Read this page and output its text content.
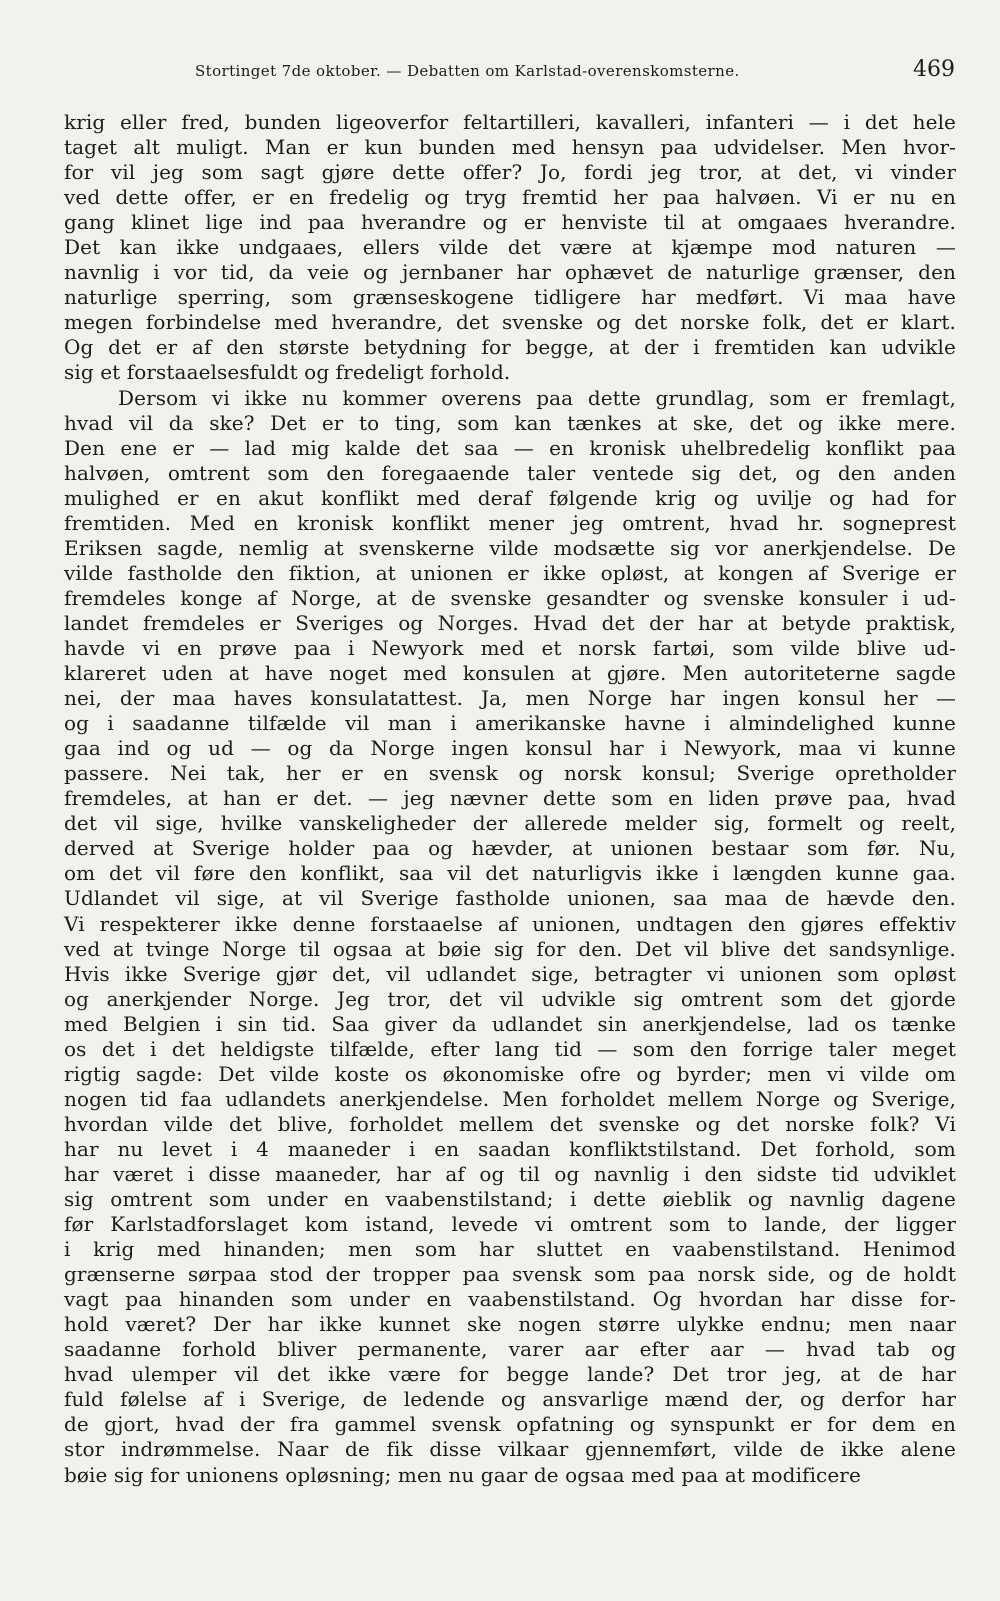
Stortinget 7de oktober. — Debatten om Karlstad-overenskomsterne.	469
krig eller fred, bunden ligeoverfor feltartilleri, kavalleri, infanteri — i det hele
taget alt muligt. Man er kun bunden med hensyn paa udvidelser. Men hvor-
for vil jeg som sagt gjøre dette offer? Jo, fordi jeg tror, at det, vi vinder
ved dette offer, er en fredelig og tryg fremtid her paa halvøen. Vi er nu en
gang klinet lige ind paa hverandre og er henviste til at omgaaes hverandre.
Det kan ikke undgaaes, ellers vilde det være at kjæmpe mod naturen —
navnlig i vor tid, da veie og jernbaner har ophævet de naturlige grænser, den
naturlige sperring, som grænseskogene tidligere har medført. Vi maa have
megen forbindelse med hverandre, det svenske og det norske folk, det er klart.
Og det er af den største betydning for begge, at der i fremtiden kan udvikle
sig et forstaaelsesfuldt og fredeligt forhold.
Dersom vi ikke nu kommer overens paa dette grundlag, som er fremlagt,
hvad vil da ske? Det er to ting, som kan tænkes at ske, det og ikke mere.
Den ene er — lad mig kalde det saa — en kronisk uhelbredelig konflikt paa
halvøen, omtrent som den foregaaende taler ventede sig det, og den anden
mulighed er en akut konflikt med deraf følgende krig og uvilje og had for
fremtiden. Med en kronisk konflikt mener jeg omtrent, hvad hr. sogneprest
Eriksen sagde, nemlig at svenskerne vilde modsætte sig vor anerkjendelse. De
vilde fastholde den fiktion, at unionen er ikke opløst, at kongen af Sverige er
fremdeles konge af Norge, at de svenske gesandter og svenske konsuler i ud-
landet fremdeles er Sveriges og Norges. Hvad det der har at betyde praktisk,
havde vi en prøve paa i Newyork med et norsk fartøi, som vilde blive ud-
klareret uden at have noget med konsulen at gjøre. Men autoriteterne sagde
nei, der maa haves konsulatattest. Ja, men Norge har ingen konsul her —
og i saadanne tilfælde vil man i amerikanske havne i almindelighed kunne
gaa ind og ud — og da Norge ingen konsul har i Newyork, maa vi kunne
passere. Nei tak, her er en svensk og norsk konsul; Sverige opretholder
fremdeles, at han er det. — jeg nævner dette som en liden prøve paa, hvad
det vil sige, hvilke vanskeligheder der allerede melder sig, formelt og reelt,
derved at Sverige holder paa og hævder, at unionen bestaar som før. Nu,
om det vil føre den konflikt, saa vil det naturligvis ikke i længden kunne gaa.
Udlandet vil sige, at vil Sverige fastholde unionen, saa maa de hævde den.
Vi respekterer ikke denne forstaaelse af unionen, undtagen den gjøres effektiv
ved at tvinge Norge til ogsaa at bøie sig for den. Det vil blive det sandsynlige.
Hvis ikke Sverige gjør det, vil udlandet sige, betragter vi unionen som opløst
og anerkjender Norge. Jeg tror, det vil udvikle sig omtrent som det gjorde
med Belgien i sin tid. Saa giver da udlandet sin anerkjendelse, lad os tænke
os det i det heldigste tilfælde, efter lang tid — som den forrige taler meget
rigtig sagde: Det vilde koste os økonomiske ofre og byrder; men vi vilde om
nogen tid faa udlandets anerkjendelse. Men forholdet mellem Norge og Sverige,
hvordan vilde det blive, forholdet mellem det svenske og det norske folk? Vi
har nu levet i 4 maaneder i en saadan konfliktstilstand. Det forhold, som
har været i disse maaneder, har af og til og navnlig i den sidste tid udviklet
sig omtrent som under en vaabenstilstand; i dette øieblik og navnlig dagene
før Karlstadforslaget kom istand, levede vi omtrent som to lande, der ligger
i krig med hinanden; men som har sluttet en vaabenstilstand. Henimod
grænserne sørpaa stod der tropper paa svensk som paa norsk side, og de holdt
vagt paa hinanden som under en vaabenstilstand. Og hvordan har disse for-
hold været? Der har ikke kunnet ske nogen større ulykke endnu; men naar
saadanne forhold bliver permanente, varer aar efter aar — hvad tab og
hvad ulemper vil det ikke være for begge lande? Det tror jeg, at de har
fuld følelse af i Sverige, de ledende og ansvarlige mænd der, og derfor har
de gjort, hvad der fra gammel svensk opfatning og synspunkt er for dem en
stor indrømmelse. Naar de fik disse vilkaar gjennemført, vilde de ikke alene
bøie sig for unionens opløsning; men nu gaar de ogsaa med paa at modificere
